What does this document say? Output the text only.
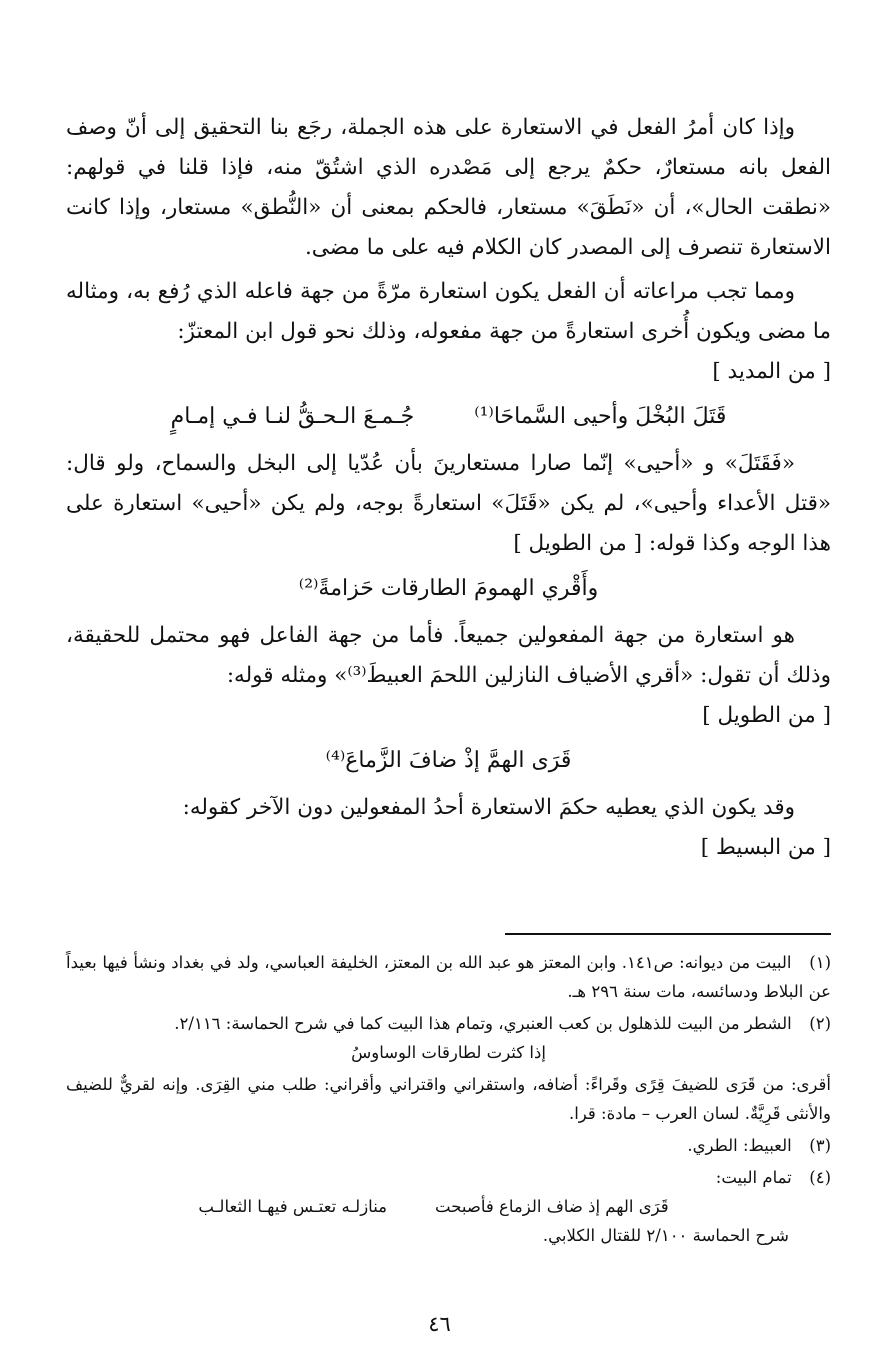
وإذا كان أمرُ الفعل في الاستعارة على هذه الجملة، رجَع بنا التحقيق إلى أنّ وصف الفعل بانه مستعارٌ، حكمٌ يرجع إلى مَصْدره الذي اشتُقّ منه، فإذا قلنا في قولهم: «نطقت الحال»، أن «نَطَقَ» مستعار، فالحكم بمعنى أن «النُّطق» مستعار، وإذا كانت الاستعارة تنصرف إلى المصدر كان الكلام فيه على ما مضى.

ومما تجب مراعاته أن الفعل يكون استعارة مرّةً من جهة فاعله الذي رُفع به، ومثاله ما مضى ويكون أُخرى استعارةً من جهة مفعوله، وذلك نحو قول ابن المعتزّ:
[ من المديد ]

قَتَلَ البُخْلَ وأحيى السَّماحَا⁽¹⁾
جُـمـعَ الـحـقُّ لنـا فـي إمـامٍ

«فَقَتَلَ» و «أحيى» إنّما صارا مستعارينَ بأن عُدّيا إلى البخل والسماح، ولو قال: «قتل الأعداء وأحيى»، لم يكن «قَتَلَ» استعارةً بوجه، ولم يكن «أحيى» استعارة على هذا الوجه وكذا قوله: [ من الطويل ]

وأَقْري الهمومَ الطارقات حَزامةً⁽²⁾

هو استعارة من جهة المفعولين جميعاً. فأما من جهة الفاعل فهو محتمل للحقيقة، وذلك أن تقول: «أقري الأضياف النازلين اللحمَ العبيطَ⁽³⁾» ومثله قوله:
[ من الطويل ]

قَرَى الهمَّ إذْ ضافَ الزَّماعَ⁽⁴⁾

وقد يكون الذي يعطيه حكمَ الاستعارة أحدُ المفعولين دون الآخر كقوله:
[ من البسيط ]

(١) البيت من ديوانه: ص١٤١. وابن المعتز هو عبد الله بن المعتز، الخليفة العباسي، ولد في بغداد ونشأ فيها بعيداً عن البلاط ودسائسه، مات سنة ٢٩٦ هـ.
(٢) الشطر من البيت للذهلول بن كعب العنبري، وتمام هذا البيت كما في شرح الحماسة: ٢/١١٦.
إذا كثرت لطارقات الوساوسُ
أقرى: من قَرَى للضيفَ قِرًى وقَراءً: أضافه، واستقراني واقتراني وأقراني: طلب مني القِرَى. وإنه لقريٌّ للضيف والأنثى قَرِيَّةٌ. لسان العرب – مادة: قرا.
(٣) العبيط: الطري.
(٤) تمام البيت:
قَرَى الهم إذ ضاف الزماع فأصبحت
منازلـه تعتـس فيهـا الثعالـب
شرح الحماسة ٢/١٠٠ للقتال الكلابي.
٤٦
